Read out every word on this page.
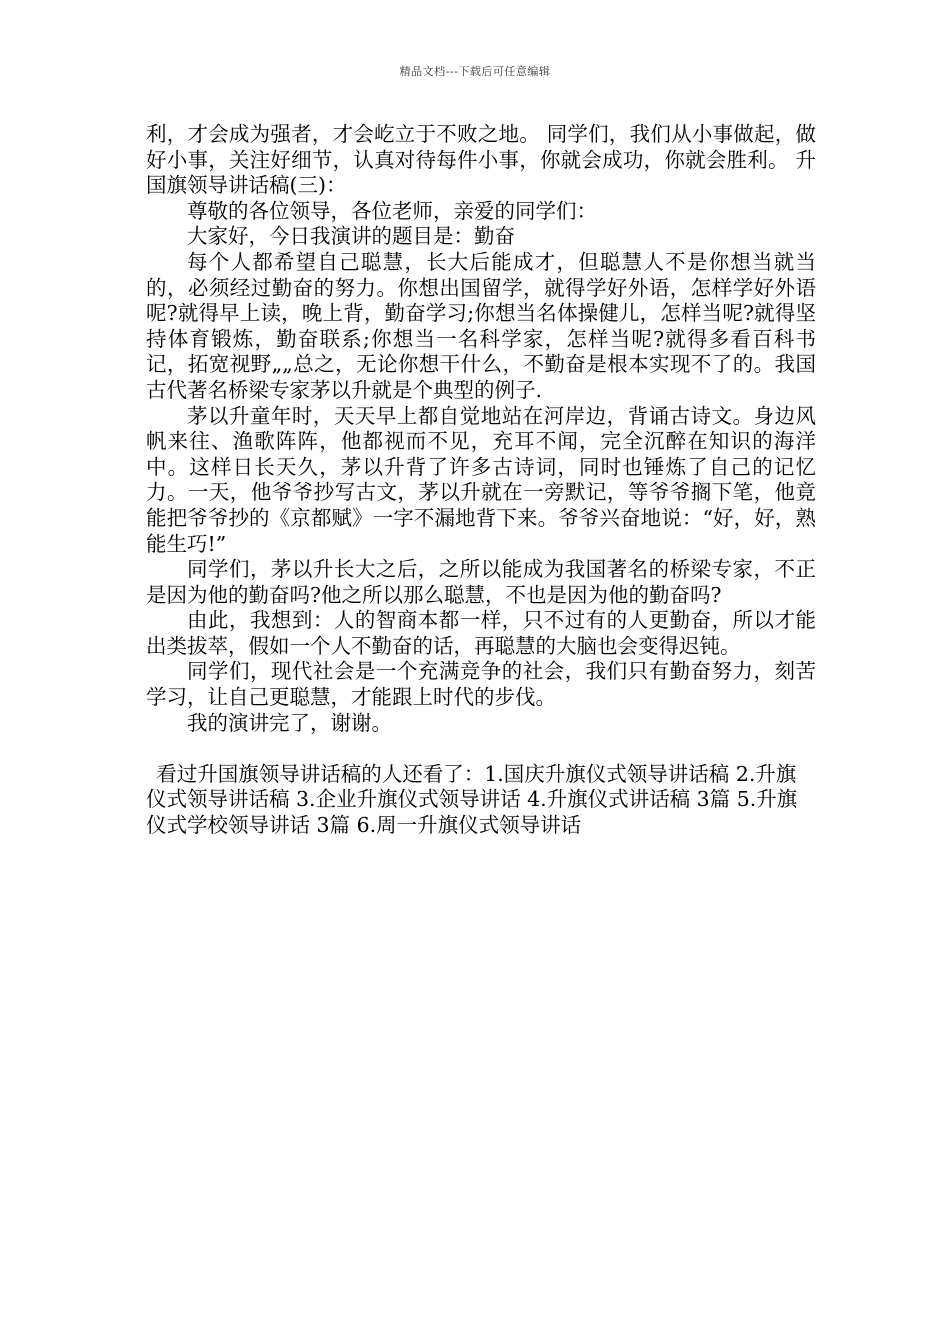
精品文档---下载后可任意编辑

利，才会成为强者，才会屹立于不败之地。 同学们，我们从小事做起，做好小事，关注好细节，认真对待每件小事，你就会成功，你就会胜利。 升国旗领导讲话稿(三)：

尊敬的各位领导，各位老师，亲爱的同学们：

大家好，今日我演讲的题目是：勤奋

每个人都希望自己聪慧，长大后能成才，但聪慧人不是你想当就当的，必须经过勤奋的努力。你想出国留学，就得学好外语，怎样学好外语呢?就得早上读，晚上背，勤奋学习;你想当名体操健儿，怎样当呢?就得坚持体育锻炼，勤奋联系;你想当一名科学家，怎样当呢?就得多看百科书记，拓宽视野„„总之，无论你想干什么，不勤奋是根本实现不了的。我国古代著名桥梁专家茅以升就是个典型的例子.

茅以升童年时，天天早上都自觉地站在河岸边，背诵古诗文。身边风帆来往、渔歌阵阵，他都视而不见，充耳不闻，完全沉醉在知识的海洋中。这样日长天久，茅以升背了许多古诗词，同时也锤炼了自己的记忆力。一天，他爷爷抄写古文，茅以升就在一旁默记，等爷爷搁下笔，他竟能把爷爷抄的《京都赋》一字不漏地背下来。爷爷兴奋地说：“好，好，熟能生巧!”

同学们，茅以升长大之后，之所以能成为我国著名的桥梁专家，不正是因为他的勤奋吗?他之所以那么聪慧，不也是因为他的勤奋吗?

由此，我想到：人的智商本都一样，只不过有的人更勤奋，所以才能出类拔萃，假如一个人不勤奋的话，再聪慧的大脑也会变得迟钝。

同学们，现代社会是一个充满竞争的社会，我们只有勤奋努力，刻苦学习，让自己更聪慧，才能跟上时代的步伐。

我的演讲完了，谢谢。

看过升国旗领导讲话稿的人还看了：1.国庆升旗仪式领导讲话稿 2.升旗仪式领导讲话稿 3.企业升旗仪式领导讲话 4.升旗仪式讲话稿 3篇 5.升旗仪式学校领导讲话 3篇 6.周一升旗仪式领导讲话
